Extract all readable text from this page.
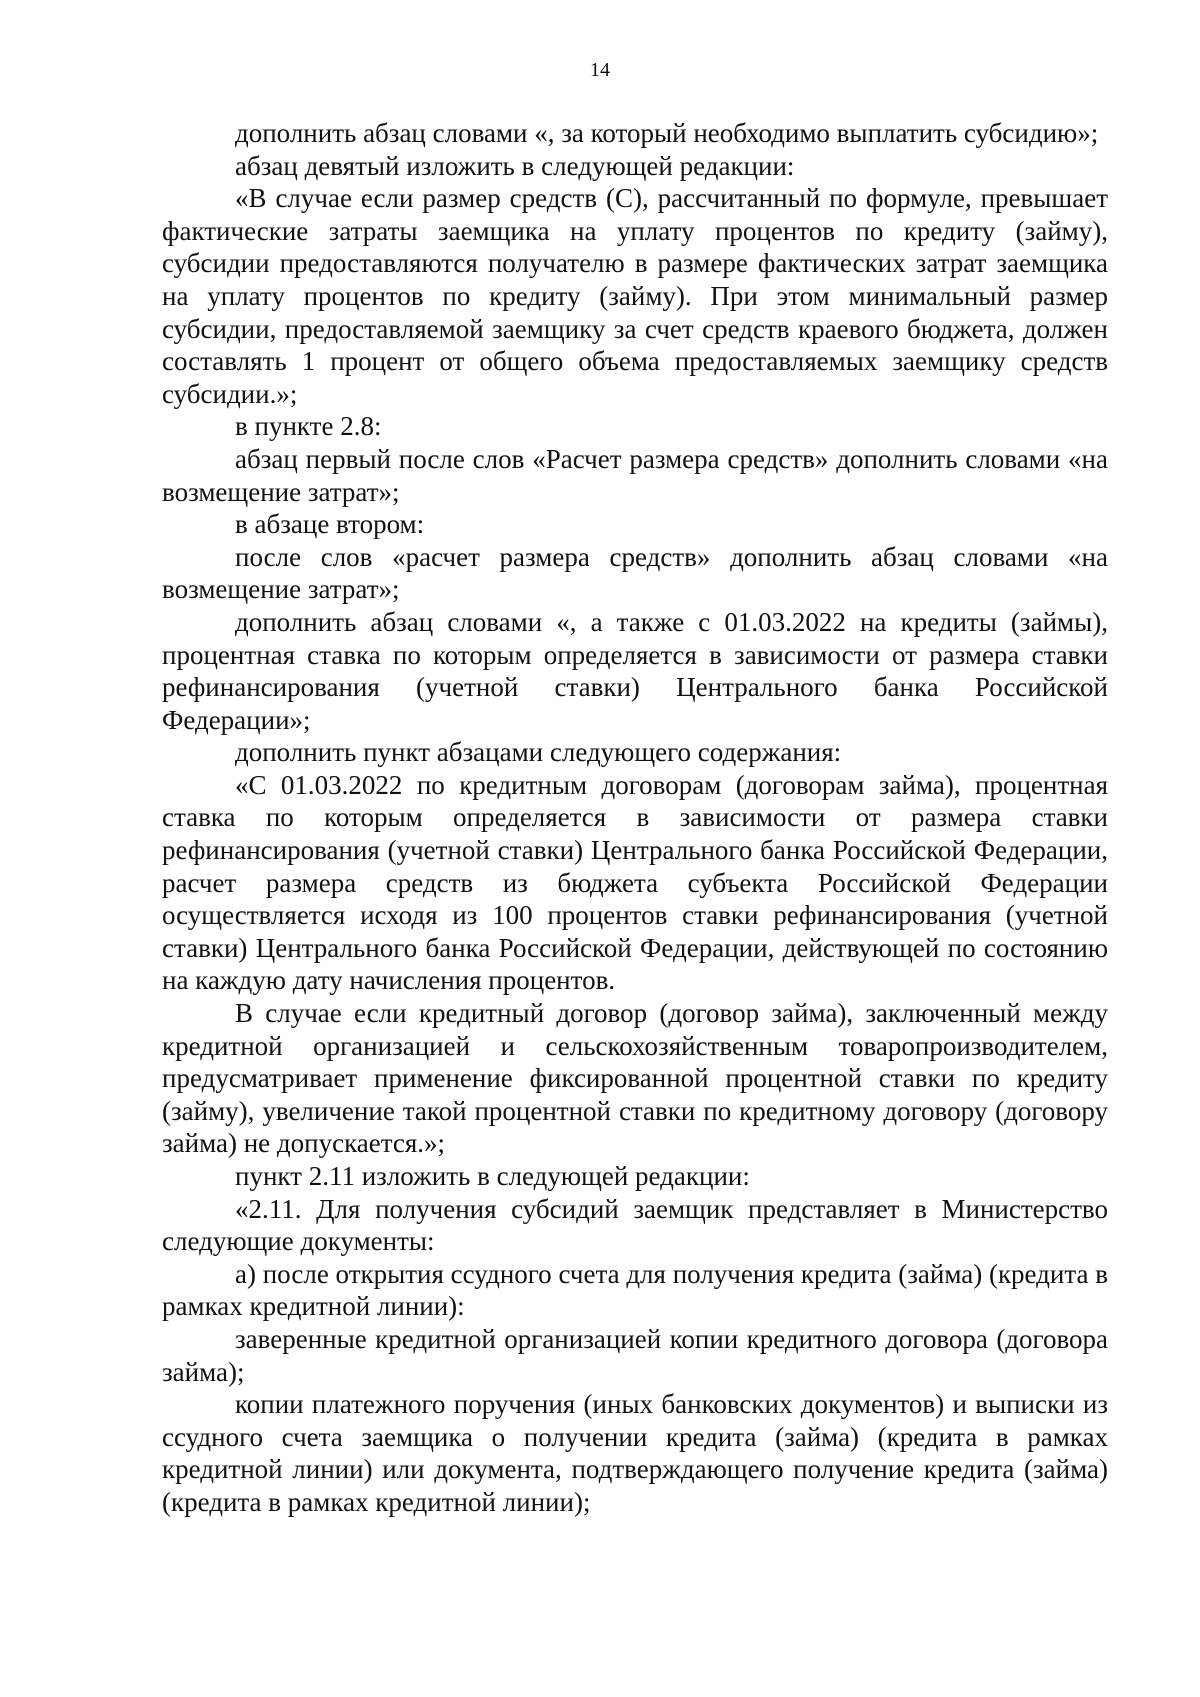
14

дополнить абзац словами «, за который необходимо выплатить субсидию»;

абзац девятый изложить в следующей редакции:

«В случае если размер средств (С), рассчитанный по формуле, превышает фактические затраты заемщика на уплату процентов по кредиту (займу), субсидии предоставляются получателю в размере фактических затрат заемщика на уплату процентов по кредиту (займу). При этом минимальный размер субсидии, предоставляемой заемщику за счет средств краевого бюджета, должен составлять 1 процент от общего объема предоставляемых заемщику средств субсидии.»;

в пункте 2.8:

абзац первый после слов «Расчет размера средств» дополнить словами «на возмещение затрат»;

в абзаце втором:

после слов «расчет размера средств» дополнить абзац словами «на возмещение затрат»;

дополнить абзац словами «, а также с 01.03.2022 на кредиты (займы), процентная ставка по которым определяется в зависимости от размера ставки рефинансирования (учетной ставки) Центрального банка Российской Федерации»;

дополнить пункт абзацами следующего содержания:

«С 01.03.2022 по кредитным договорам (договорам займа), процентная ставка по которым определяется в зависимости от размера ставки рефинансирования (учетной ставки) Центрального банка Российской Федерации, расчет размера средств из бюджета субъекта Российской Федерации осуществляется исходя из 100 процентов ставки рефинансирования (учетной ставки) Центрального банка Российской Федерации, действующей по состоянию на каждую дату начисления процентов.

В случае если кредитный договор (договор займа), заключенный между кредитной организацией и сельскохозяйственным товаропроизводителем, предусматривает применение фиксированной процентной ставки по кредиту (займу), увеличение такой процентной ставки по кредитному договору (договору займа) не допускается.»;

пункт 2.11 изложить в следующей редакции:

«2.11. Для получения субсидий заемщик представляет в Министерство следующие документы:

а) после открытия ссудного счета для получения кредита (займа) (кредита в рамках кредитной линии):

заверенные кредитной организацией копии кредитного договора (договора займа);

копии платежного поручения (иных банковских документов) и выписки из ссудного счета заемщика о получении кредита (займа) (кредита в рамках кредитной линии) или документа, подтверждающего получение кредита (займа) (кредита в рамках кредитной линии);
